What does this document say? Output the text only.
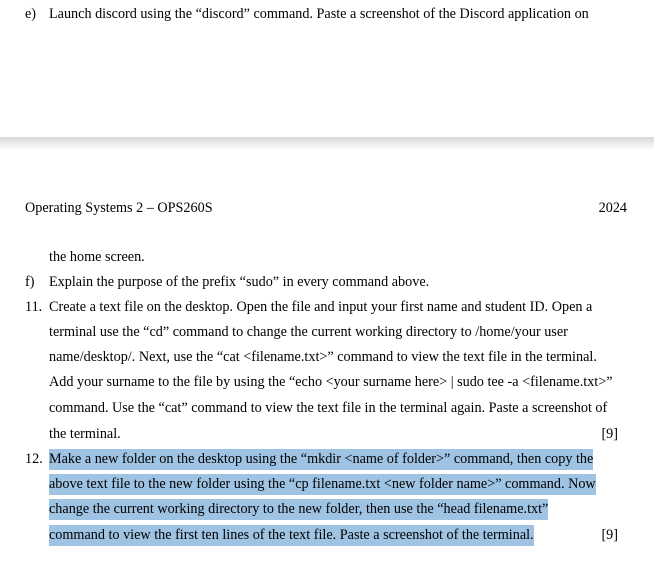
e) Launch discord using the “discord” command. Paste a screenshot of the Discord application on
Operating Systems 2 – OPS260S	2024
the home screen.
f) Explain the purpose of the prefix “sudo” in every command above.
11. Create a text file on the desktop. Open the file and input your first name and student ID. Open a
terminal use the “cd” command to change the current working directory to /home/your user
name/desktop/. Next, use the “cat <filename.txt>” command to view the text file in the terminal.
Add your surname to the file by using the “echo <your surname here> | sudo tee -a <filename.txt>”
command. Use the “cat” command to view the text file in the terminal again. Paste a screenshot of
the terminal.	[9]
12. Make a new folder on the desktop using the “mkdir <name of folder>” command, then copy the
above text file to the new folder using the “cp filename.txt <new folder name>” command. Now
change the current working directory to the new folder, then use the “head filename.txt”
command to view the first ten lines of the text file. Paste a screenshot of the terminal.	[9]
